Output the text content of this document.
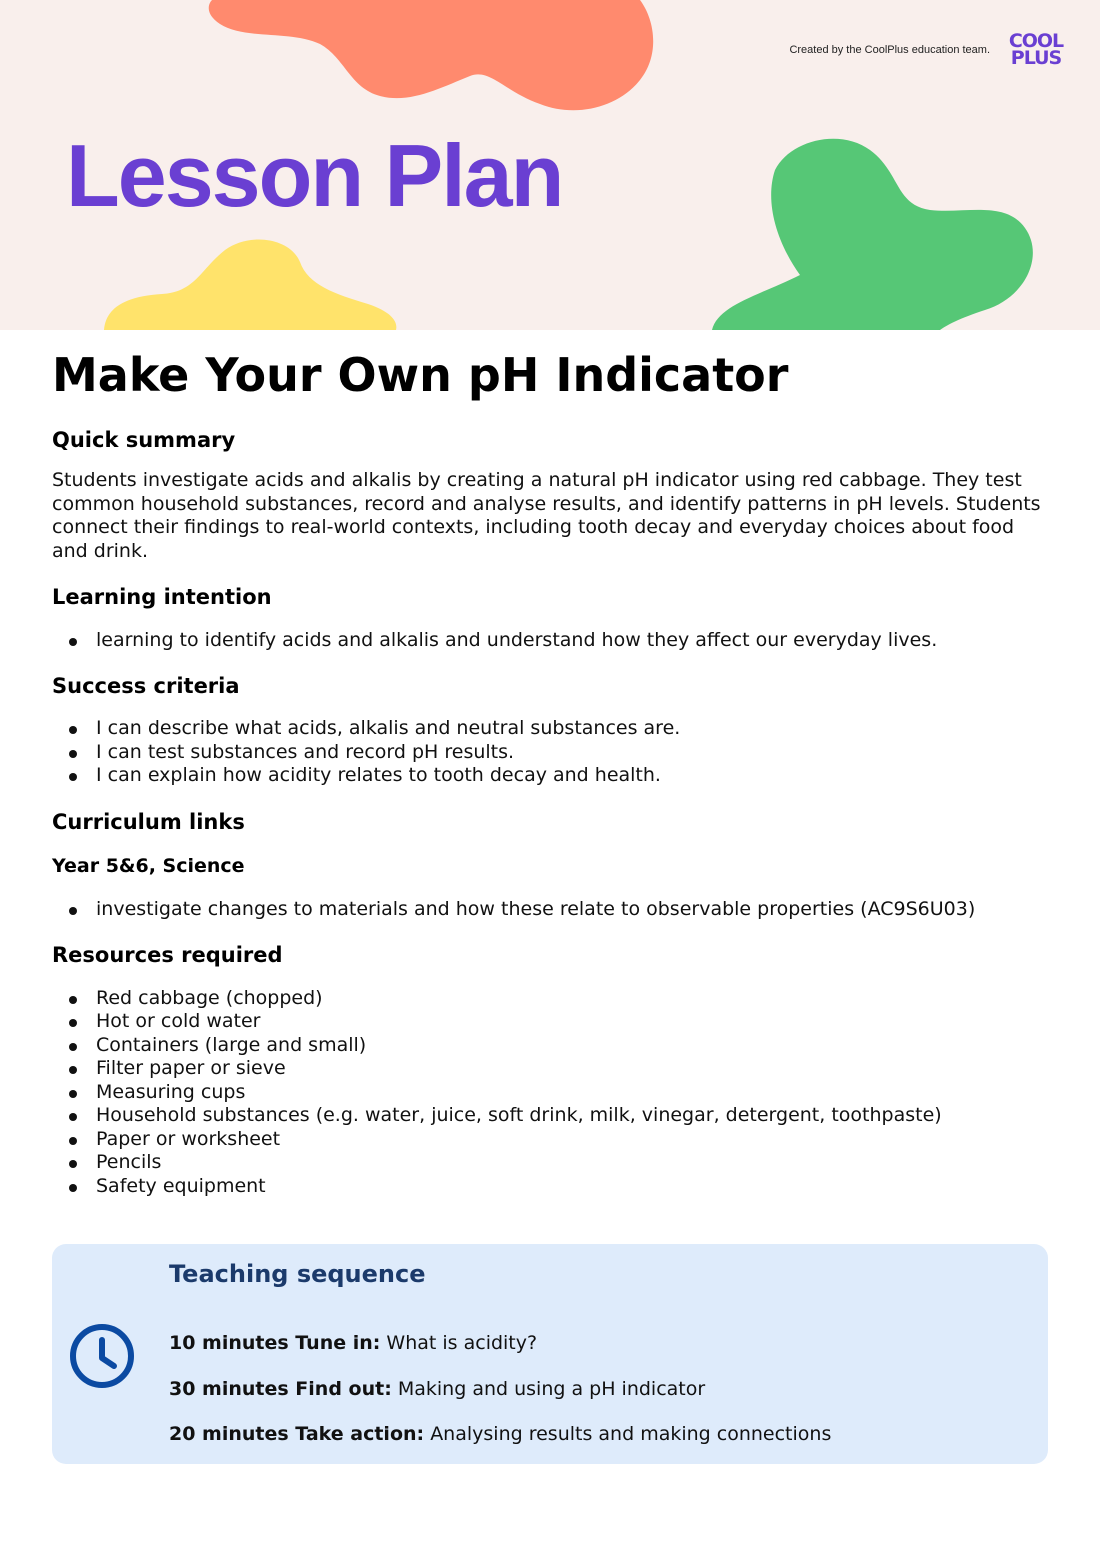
Created by the CoolPlus education team. COOL
PLUS
Lesson Plan
Make Your Own pH Indicator
Quick summary

Students investigate acids and alkalis by creating a natural pH indicator using red cabbage. They test common household substances, record and analyse results, and identify patterns in pH levels. Students connect their findings to real-world contexts, including tooth decay and everyday choices about food and drink.

Learning intention
learning to identify acids and alkalis and understand how they affect our everyday lives.
Success criteria
I can describe what acids, alkalis and neutral substances are.
I can test substances and record pH results.
I can explain how acidity relates to tooth decay and health.
Curriculum links
Year 5&6, Science
investigate changes to materials and how these relate to observable properties (AC9S6U03)
Resources required
Red cabbage (chopped)
Hot or cold water
Containers (large and small)
Filter paper or sieve
Measuring cups
Household substances (e.g. water, juice, soft drink, milk, vinegar, detergent, toothpaste)
Paper or worksheet
Pencils
Safety equipment
Teaching sequence
10 minutes Tune in: What is acidity?
30 minutes Find out: Making and using a pH indicator
20 minutes Take action: Analysing results and making connections
